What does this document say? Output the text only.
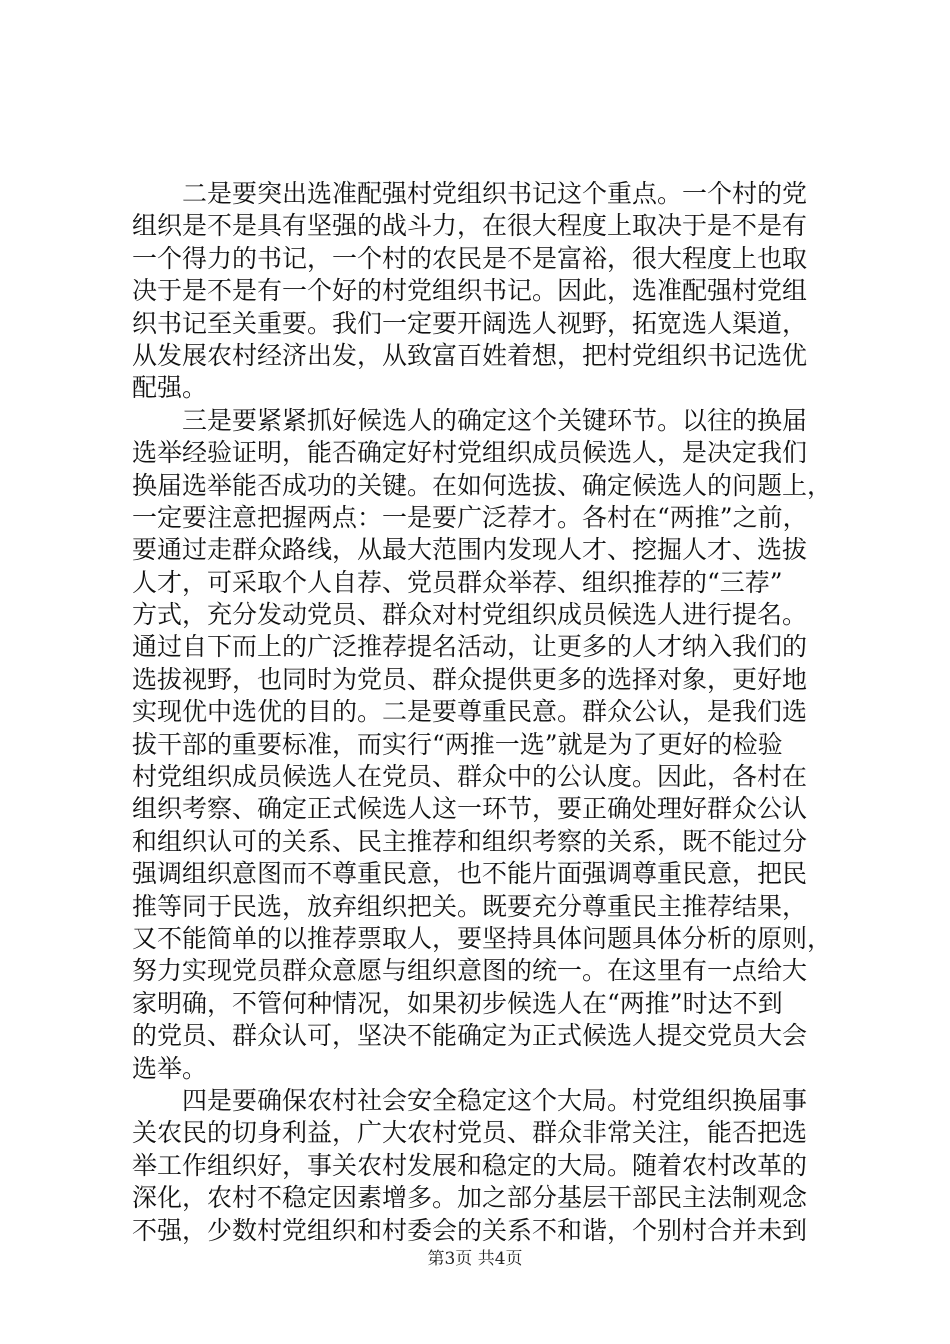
　　二是要突出选准配强村党组织书记这个重点。一个村的党
组织是不是具有坚强的战斗力，在很大程度上取决于是不是有
一个得力的书记，一个村的农民是不是富裕，很大程度上也取
决于是不是有一个好的村党组织书记。因此，选准配强村党组
织书记至关重要。我们一定要开阔选人视野，拓宽选人渠道，
从发展农村经济出发，从致富百姓着想，把村党组织书记选优
配强。
　　三是要紧紧抓好候选人的确定这个关键环节。以往的换届
选举经验证明，能否确定好村党组织成员候选人，是决定我们
换届选举能否成功的关键。在如何选拔、确定候选人的问题上，
一定要注意把握两点：一是要广泛荐才。各村在“两推”之前，
要通过走群众路线，从最大范围内发现人才、挖掘人才、选拔
人才，可采取个人自荐、党员群众举荐、组织推荐的“三荐”
方式，充分发动党员、群众对村党组织成员候选人进行提名。
通过自下而上的广泛推荐提名活动，让更多的人才纳入我们的
选拔视野，也同时为党员、群众提供更多的选择对象，更好地
实现优中选优的目的。二是要尊重民意。群众公认，是我们选
拔干部的重要标准，而实行“两推一选”就是为了更好的检验
村党组织成员候选人在党员、群众中的公认度。因此，各村在
组织考察、确定正式候选人这一环节，要正确处理好群众公认
和组织认可的关系、民主推荐和组织考察的关系，既不能过分
强调组织意图而不尊重民意，也不能片面强调尊重民意，把民
推等同于民选，放弃组织把关。既要充分尊重民主推荐结果，
又不能简单的以推荐票取人，要坚持具体问题具体分析的原则，
努力实现党员群众意愿与组织意图的统一。在这里有一点给大
家明确，不管何种情况，如果初步候选人在“两推”时达不到
的党员、群众认可，坚决不能确定为正式候选人提交党员大会
选举。
　　四是要确保农村社会安全稳定这个大局。村党组织换届事
关农民的切身利益，广大农村党员、群众非常关注，能否把选
举工作组织好，事关农村发展和稳定的大局。随着农村改革的
深化，农村不稳定因素增多。加之部分基层干部民主法制观念
不强，少数村党组织和村委会的关系不和谐，个别村合并未到
第3页 共4页
